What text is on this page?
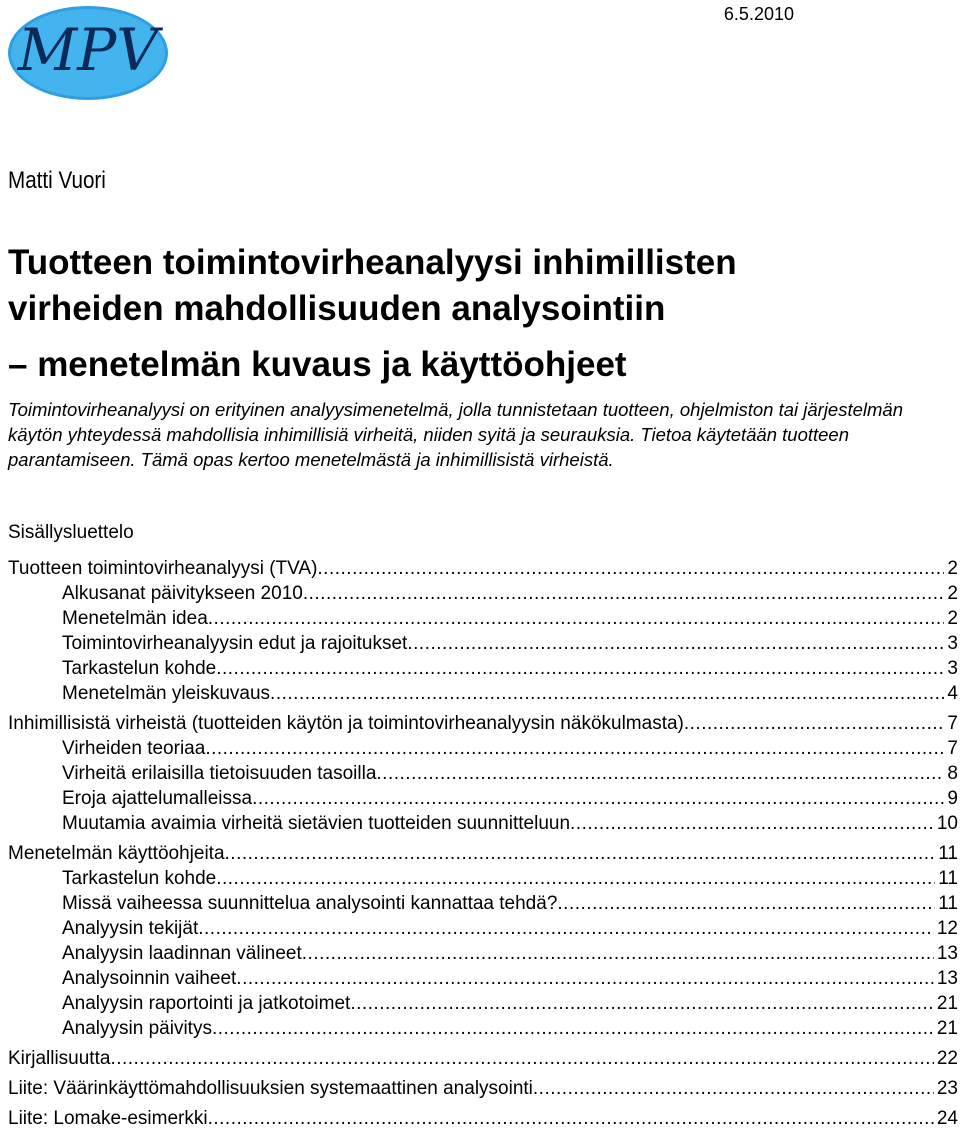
MPV
6.5.2010
Matti Vuori
Tuotteen toimintovirheanalyysi inhimillisten
virheiden mahdollisuuden analysointiin
– menetelmän kuvaus ja käyttöohjeet
Toimintovirheanalyysi on erityinen analyysimenetelmä, jolla tunnistetaan tuotteen, ohjelmiston tai järjestelmän käytön yhteydessä mahdollisia inhimillisiä virheitä, niiden syitä ja seurauksia. Tietoa käytetään tuotteen parantamiseen. Tämä opas kertoo menetelmästä ja inhimillisistä virheistä.
Sisällysluettelo
Tuotteen toimintovirheanalyysi (TVA) .....	2
Alkusanat päivitykseen 2010 .....	2
Menetelmän idea .....	2
Toimintovirheanalyysin edut ja rajoitukset .....	3
Tarkastelun kohde .....	3
Menetelmän yleiskuvaus .....	4
Inhimillisistä virheistä (tuotteiden käytön ja toimintovirheanalyysin näkökulmasta) .....	7
Virheiden teoriaa .....	7
Virheitä erilaisilla tietoisuuden tasoilla .....	8
Eroja ajattelumalleissa .....	9
Muutamia avaimia virheitä sietävien tuotteiden suunnitteluun .....	10
Menetelmän käyttöohjeita .....	11
Tarkastelun kohde .....	11
Missä vaiheessa suunnittelua analysointi kannattaa tehdä? .....	11
Analyysin tekijät .....	12
Analyysin laadinnan välineet .....	13
Analysoinnin vaiheet .....	13
Analyysin raportointi ja jatkotoimet .....	21
Analyysin päivitys .....	21
Kirjallisuutta .....	22
Liite: Väärinkäyttömahdollisuuksien systemaattinen analysointi .....	23
Liite: Lomake-esimerkki .....	24
